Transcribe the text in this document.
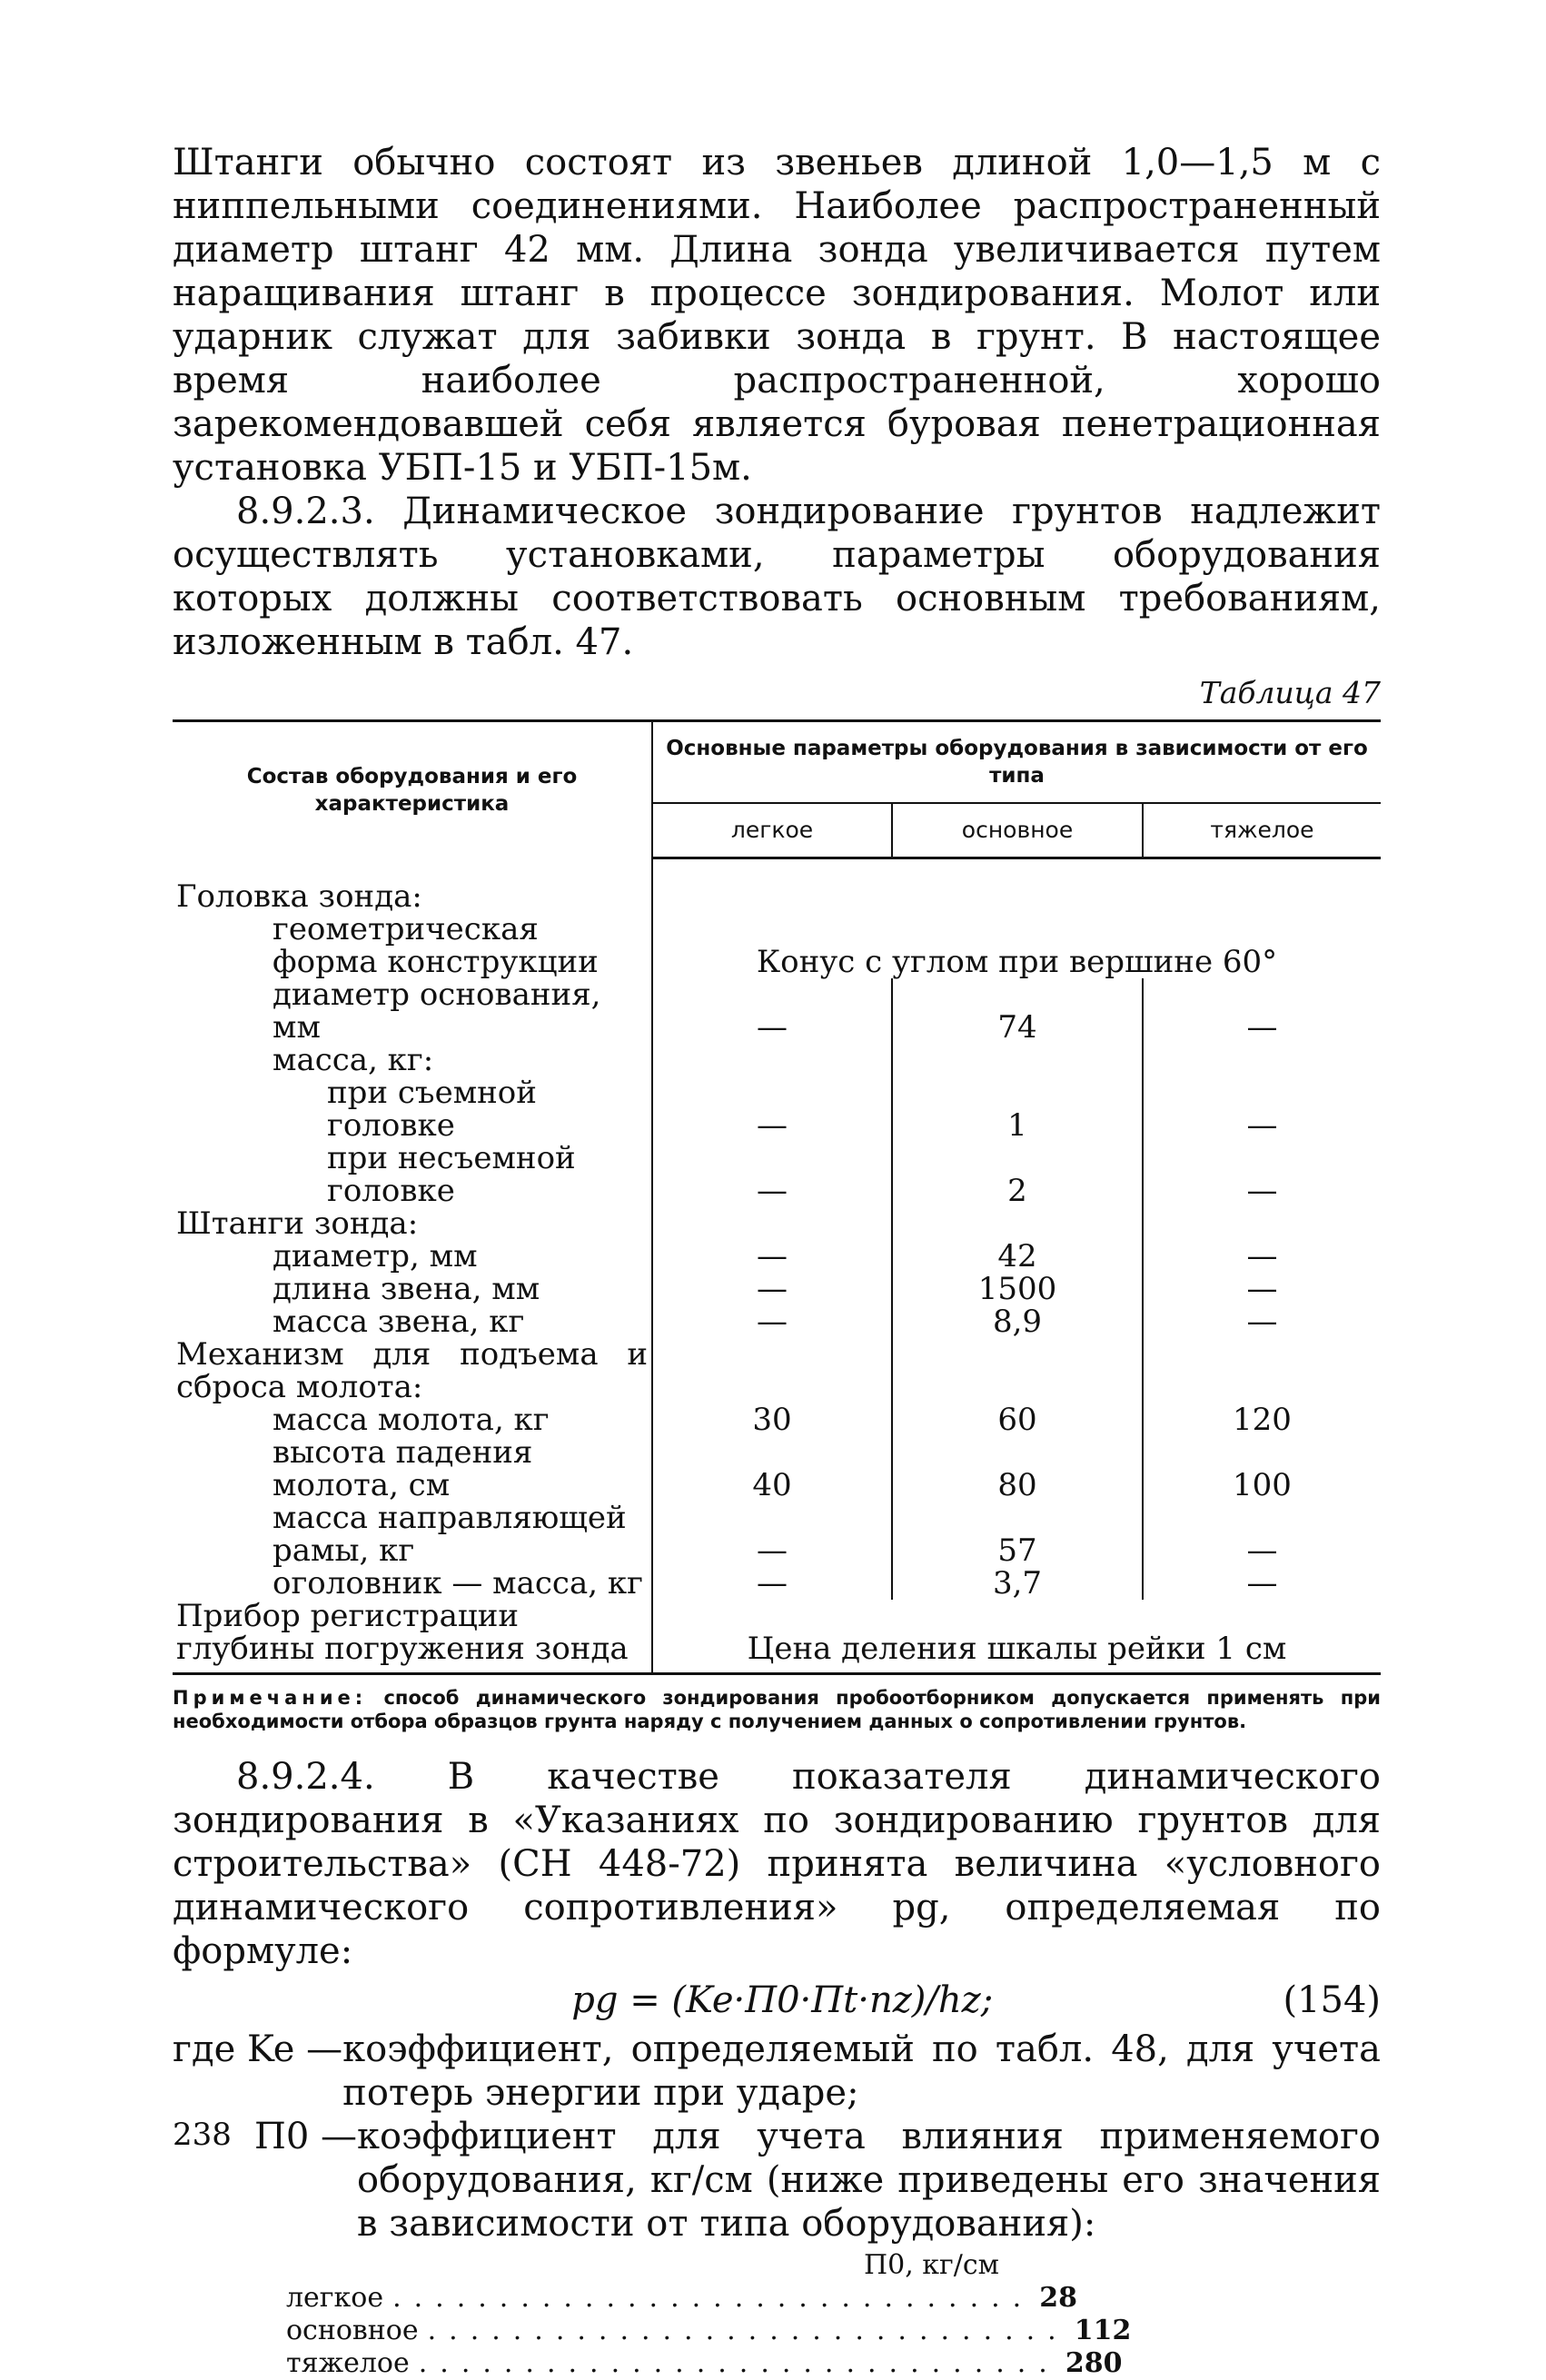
Штанги обычно состоят из звеньев длиной 1,0—1,5 м с ниппельными соединениями. Наиболее распространенный диаметр штанг 42 мм. Длина зонда увеличивается путем наращивания штанг в процессе зондирования. Молот или ударник служат для забивки зонда в грунт. В настоящее время наиболее распространенной, хорошо зарекомендовавшей себя является буровая пенетрационная установка УБП-15 и УБП-15м.

8.9.2.3. Динамическое зондирование грунтов надлежит осуществлять установками, параметры оборудования которых должны соответствовать основным требованиям, изложенным в табл. 47.

Таблица 47
Состав оборудования и его характеристика	Основные параметры оборудования в зависимости от его типа		
	легкое	основное	тяжелое
Головка зонда:			
геометрическая форма конструкции	Конус с углом при вершине 60°		
диаметр основания, мм	—	74	—
масса, кг:			
при съемной головке	—	1	—
при несъемной головке	—	2	—
Штанги зонда:			
диаметр, мм	—	42	—
длина звена, мм	—	1500	—
масса звена, кг	—	8,9	—
Механизм для подъема и сброса молота:			
масса молота, кг	30	60	120
высота падения молота, см	40	80	100
масса направляющей рамы, кг	—	57	—
оголовник — масса, кг	—	3,7	—
Прибор регистрации глубины погружения зонда	Цена деления шкалы рейки 1 см		

Примечание: способ динамического зондирования пробоотборником допускается применять при необходимости отбора образцов грунта наряду с получением данных о сопротивлении грунтов.

8.9.2.4. В качестве показателя динамического зондирования в «Указаниях по зондированию грунтов для строительства» (СН 448-72) принята величина «условного динамического сопротивления» pg, определяемая по формуле:

pg = (Ke·П0·Пt·nz)/hz;	(154)
где Ke — коэффициент, определяемый по табл. 48, для учета потерь энергии при ударе;
П0 — коэффициент для учета влияния применяемого оборудования, кг/см (ниже приведены его значения в зависимости от типа оборудования):
П0, кг/см
легкое .............................. 28
основное .............................. 112
тяжелое .............................. 280
238
